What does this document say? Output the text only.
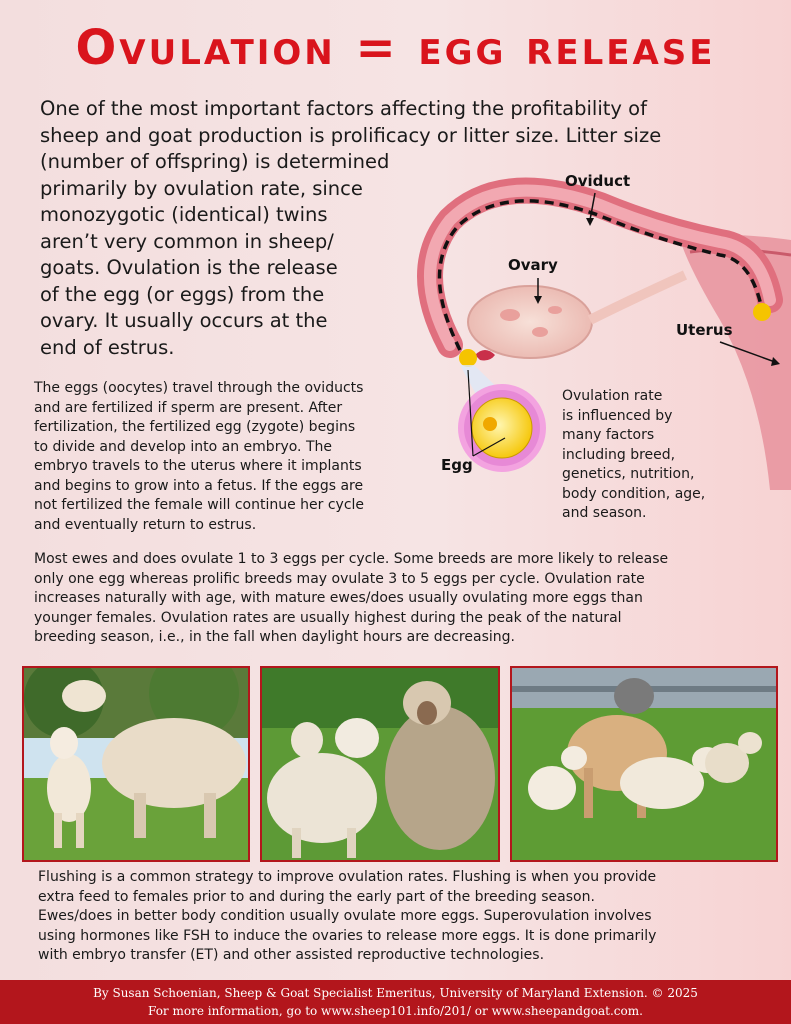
Ovulation = egg release
One of the most important factors affecting the profitability of
sheep and goat production is prolificacy or litter size. Litter size
(number of offspring) is determined
primarily by ovulation rate, since
monozygotic (identical) twins
aren’t very common in sheep/
goats. Ovulation is the release
of the egg (or eggs) from the
ovary. It usually occurs at the
end of estrus.
Oviduct
Ovary
Uterus
Egg
Ovulation rate
is influenced by
many factors
including breed,
genetics, nutrition,
body condition, age,
and season.
The eggs (oocytes) travel through the oviducts
and are fertilized if sperm are present. After
fertilization, the fertilized egg (zygote) begins
to divide and develop into an embryo. The
embryo travels to the uterus where it implants
and begins to grow into a fetus. If the eggs are
not fertilized the female will continue her cycle
and eventually return to estrus.
Most ewes and does ovulate 1 to 3 eggs per cycle. Some breeds are more likely to release
only one egg whereas prolific breeds may ovulate 3 to 5 eggs per cycle. Ovulation rate
increases naturally with age, with mature ewes/does usually ovulating more eggs than
younger females. Ovulation rates are usually highest during the peak of the natural
breeding season, i.e., in the fall when daylight hours are decreasing.
Flushing is a common strategy to improve ovulation rates. Flushing is when you provide
extra feed to females prior to and during the early part of the breeding season.
Ewes/does in better body condition usually ovulate more eggs. Superovulation involves
using hormones like FSH to induce the ovaries to release more eggs. It is done primarily
with embryo transfer (ET) and other assisted reproductive technologies.
By Susan Schoenian, Sheep & Goat Specialist Emeritus, University of Maryland Extension. © 2025
For more information, go to www.sheep101.info/201/ or www.sheepandgoat.com.
